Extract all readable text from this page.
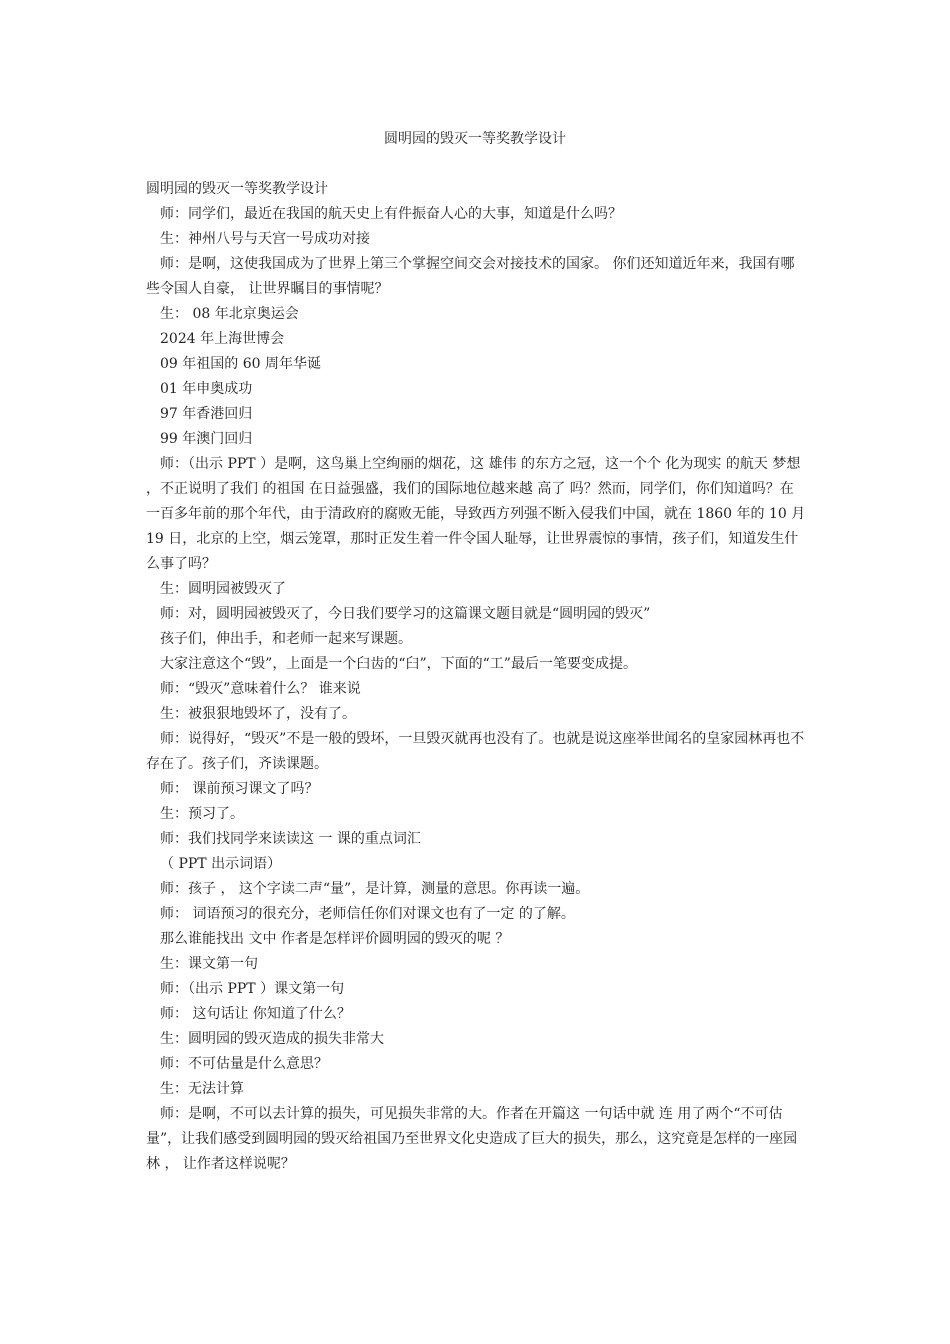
圆明园的毁灭一等奖教学设计

圆明园的毁灭一等奖教学设计

师：同学们，最近在我国的航天史上有件振奋人心的大事，知道是什么吗？

生：神州八号与天宫一号成功对接

师：是啊，这使我国成为了世界上第三个掌握空间交会对接技术的国家。 你们还知道近年来，我国有哪些令国人自豪， 让世界瞩目的事情呢？

生： 08 年北京奥运会

2024 年上海世博会

09 年祖国的 60 周年华诞

01 年申奥成功

97 年香港回归

99 年澳门回归

师：（出示 PPT ）是啊，这鸟巢上空绚丽的烟花，这 雄伟 的东方之冠，这一个个 化为现实 的航天 梦想 ，不正说明了我们 的祖国 在日益强盛，我们的国际地位越来越 高了 吗？然而，同学们，你们知道吗？在一百多年前的那个年代，由于清政府的腐败无能，导致西方列强不断入侵我们中国，就在 1860 年的 10 月 19 日，北京的上空，烟云笼罩，那时正发生着一件令国人耻辱，让世界震惊的事情，孩子们，知道发生什么事了吗？

生：圆明园被毁灭了

师：对，圆明园被毁灭了，今日我们要学习的这篇课文题目就是“圆明园的毁灭”

孩子们，伸出手，和老师一起来写课题。

大家注意这个“毁”，上面是一个臼齿的“臼”，下面的“工”最后一笔要变成提。

师：“毁灭”意味着什么？ 谁来说

生：被狠狠地毁坏了，没有了。

师：说得好，“毁灭”不是一般的毁坏，一旦毁灭就再也没有了。也就是说这座举世闻名的皇家园林再也不存在了。孩子们，齐读课题。

师： 课前预习课文了吗？

生：预习了。

师：我们找同学来读读这 一 课的重点词汇

（ PPT 出示词语）

师：孩子 ， 这个字读二声“量”，是计算，测量的意思。你再读一遍。

师： 词语预习的很充分，老师信任你们对课文也有了一定 的了解。

那么谁能找出 文中 作者是怎样评价圆明园的毁灭的呢 ？

生：课文第一句

师：（出示 PPT ）课文第一句

师： 这句话让 你知道了什么？

生：圆明园的毁灭造成的损失非常大

师：不可估量是什么意思？

生：无法计算

师：是啊，不可以去计算的损失，可见损失非常的大。作者在开篇这 一句话中就 连 用了两个“不可估量”，让我们感受到圆明园的毁灭给祖国乃至世界文化史造成了巨大的损失，那么，这究竟是怎样的一座园林 ， 让作者这样说呢？
